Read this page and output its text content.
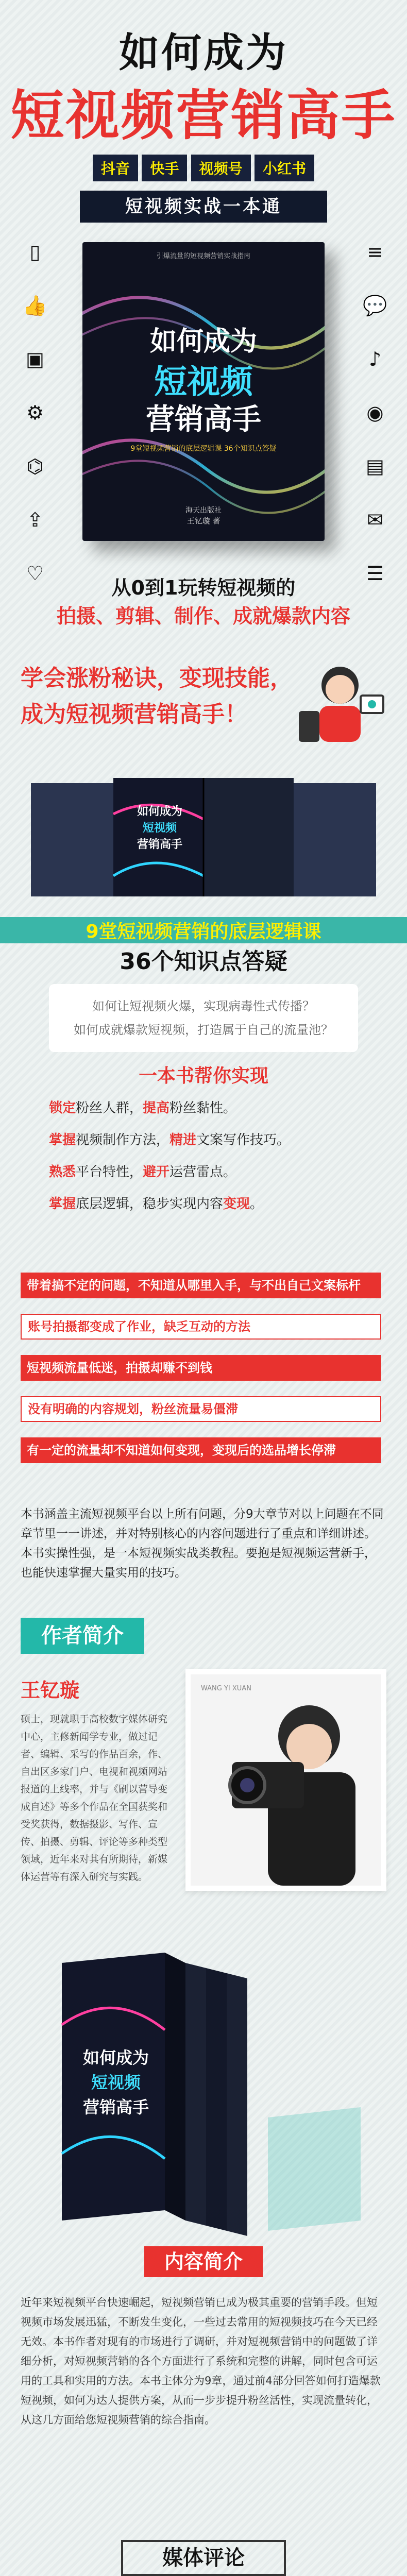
如何成为
短视频营销高手
抖音	快手	视频号	小红书
短视频实战一本通
▯
👍
▣
⚙
⌬
⇪
♡
≡
💬
♪
◉
▤
✉
☰
引爆流量的短视频营销实战指南
如何成为
短视频
营销高手
9堂短视频营销的底层逻辑课 36个知识点答疑
王钇璇 著
海天出版社
从0到1玩转短视频的
拍摄、剪辑、制作、成就爆款内容
学会涨粉秘诀，变现技能，
成为短视频营销高手！
如何成为
短视频
营销高手
9堂短视频营销的底层逻辑课
36个知识点答疑
如何让短视频火爆，实现病毒性式传播？
如何成就爆款短视频，打造属于自己的流量池？
一本书帮你实现
锁定粉丝人群，提高粉丝黏性。
掌握视频制作方法，精进文案写作技巧。
熟悉平台特性，避开运营雷点。
掌握底层逻辑，稳步实现内容变现。
带着搞不定的问题，不知道从哪里入手，与不出自己文案标杆
账号拍摄都变成了作业，缺乏互动的方法
短视频流量低迷，拍摄却赚不到钱
没有明确的内容规划，粉丝流量易僵滞
有一定的流量却不知道如何变现，变现后的选品增长停滞
本书涵盖主流短视频平台以上所有问题，分9大章节对以上问题在不同章节里一一讲述，并对特别核心的内容问题进行了重点和详细讲述。本书实操性强，是一本短视频实战类教程。要抱是短视频运营新手，也能快速掌握大量实用的技巧。
作者简介
王钇璇
硕士，现就职于高校数字媒体研究中心，主修新闻学专业，做过记者、编辑、采写的作品百余，作、自出区多家门户、电视和视频网站报道的上线率，并与《刷以营导变成自述》等多个作品在全国获奖和受奖获得，数据摄影、写作、宣传、拍摄、剪辑、评论等多种类型领域，近年来对其有所期待，新媒体运营等有深入研究与实践。
WANG YI XUAN
如何成为
短视频
营销高手
内容简介
近年来短视频平台快速崛起，短视频营销已成为极其重要的营销手段。但短视频市场发展迅猛，不断发生变化，一些过去常用的短视频技巧在今天已经无效。本书作者对现有的市场进行了调研，并对短视频营销中的问题做了详细分析，对短视频营销的各个方面进行了系统和完整的讲解，同时包含可运用的工具和实用的方法。本书主体分为9章，通过前4部分回答如何打造爆款短视频，如何为达人提供方案，从而一步步提升粉丝活性，实现流量转化，从这几方面给您短视频营销的综合指南。
媒体评论
